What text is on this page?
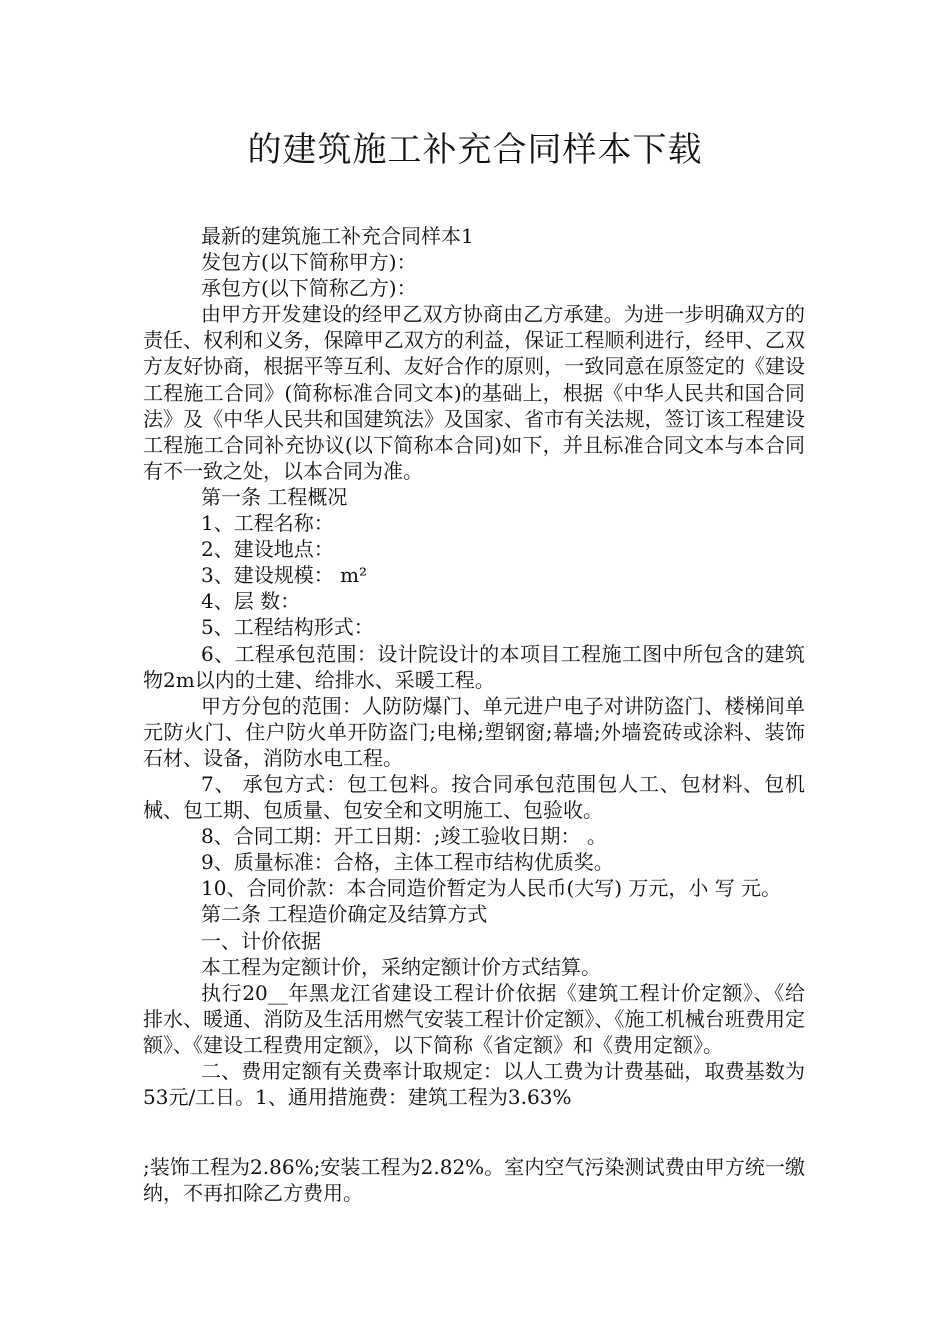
的建筑施工补充合同样本下载

最新的建筑施工补充合同样本1

发包方(以下简称甲方)：

承包方(以下简称乙方)：

由甲方开发建设的经甲乙双方协商由乙方承建。为进一步明确双方的责任、权利和义务，保障甲乙双方的利益，保证工程顺利进行，经甲、乙双方友好协商，根据平等互利、友好合作的原则，一致同意在原签定的《建设工程施工合同》(简称标准合同文本)的基础上，根据《中华人民共和国合同法》及《中华人民共和国建筑法》及国家、省市有关法规，签订该工程建设工程施工合同补充协议(以下简称本合同)如下，并且标准合同文本与本合同有不一致之处，以本合同为准。

第一条 工程概况

1、工程名称：

2、建设地点：

3、建设规模： m²

4、层 数：

5、工程结构形式：

6、工程承包范围：设计院设计的本项目工程施工图中所包含的建筑物2m以内的土建、给排水、采暖工程。

甲方分包的范围：人防防爆门、单元进户电子对讲防盗门、楼梯间单元防火门、住户防火单开防盗门;电梯;塑钢窗;幕墙;外墙瓷砖或涂料、装饰石材、设备，消防水电工程。

7、 承包方式：包工包料。按合同承包范围包人工、包材料、包机械、包工期、包质量、包安全和文明施工、包验收。

8、合同工期：开工日期：;竣工验收日期： 。

9、质量标准：合格，主体工程市结构优质奖。

10、合同价款：本合同造价暂定为人民币(大写) 万元，小 写 元。

第二条 工程造价确定及结算方式

一、计价依据

本工程为定额计价，采纳定额计价方式结算。

执行20__年黑龙江省建设工程计价依据《建筑工程计价定额》、《给排水、暖通、消防及生活用燃气安装工程计价定额》、《施工机械台班费用定额》、《建设工程费用定额》，以下简称《省定额》和《费用定额》。

二、费用定额有关费率计取规定：以人工费为计费基础，取费基数为53元/工日。1、通用措施费：建筑工程为3.63%

;装饰工程为2.86%;安装工程为2.82%。室内空气污染测试费由甲方统一缴纳，不再扣除乙方费用。
